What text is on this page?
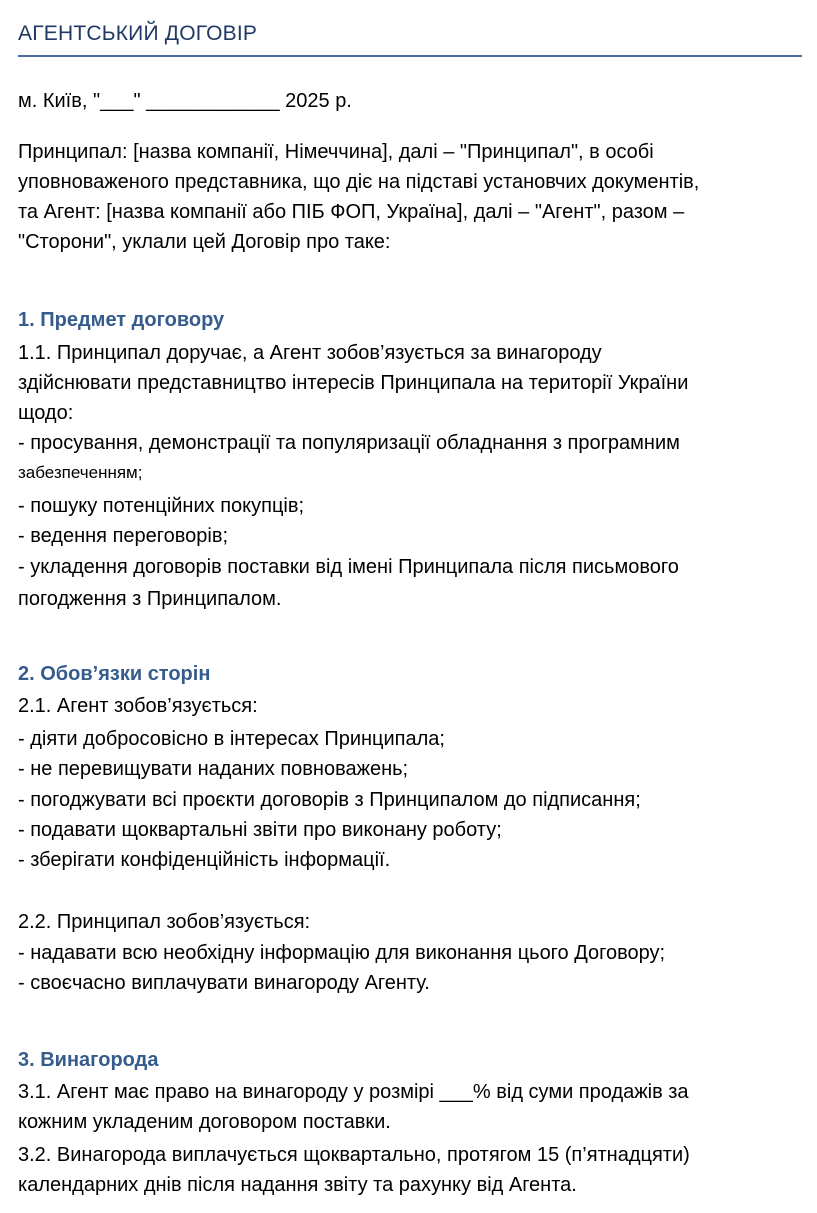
АГЕНТСЬКИЙ ДОГОВІР
м. Київ, "___" ____________ 2025 р.
Принципал: [назва компанії, Німеччина], далі – "Принципал", в особі
уповноваженого представника, що діє на підставі установчих документів,
та Агент: [назва компанії або ПІБ ФОП, Україна], далі – "Агент", разом –
"Сторони", уклали цей Договір про таке:
1. Предмет договору
1.1. Принципал доручає, а Агент зобов’язується за винагороду
здійснювати представництво інтересів Принципала на території України
щодо:
- просування, демонстрації та популяризації обладнання з програмним
забезпеченням;
- пошуку потенційних покупців;
- ведення переговорів;
- укладення договорів поставки від імені Принципала після письмового
погодження з Принципалом.
2. Обов’язки сторін
2.1. Агент зобов’язується:
- діяти добросовісно в інтересах Принципала;
- не перевищувати наданих повноважень;
- погоджувати всі проєкти договорів з Принципалом до підписання;
- подавати щоквартальні звіти про виконану роботу;
- зберігати конфіденційність інформації.
2.2. Принципал зобов’язується:
- надавати всю необхідну інформацію для виконання цього Договору;
- своєчасно виплачувати винагороду Агенту.
3. Винагорода
3.1. Агент має право на винагороду у розмірі ___% від суми продажів за
кожним укладеним договором поставки.
3.2. Винагорода виплачується щоквартально, протягом 15 (п’ятнадцяти)
календарних днів після надання звіту та рахунку від Агента.
